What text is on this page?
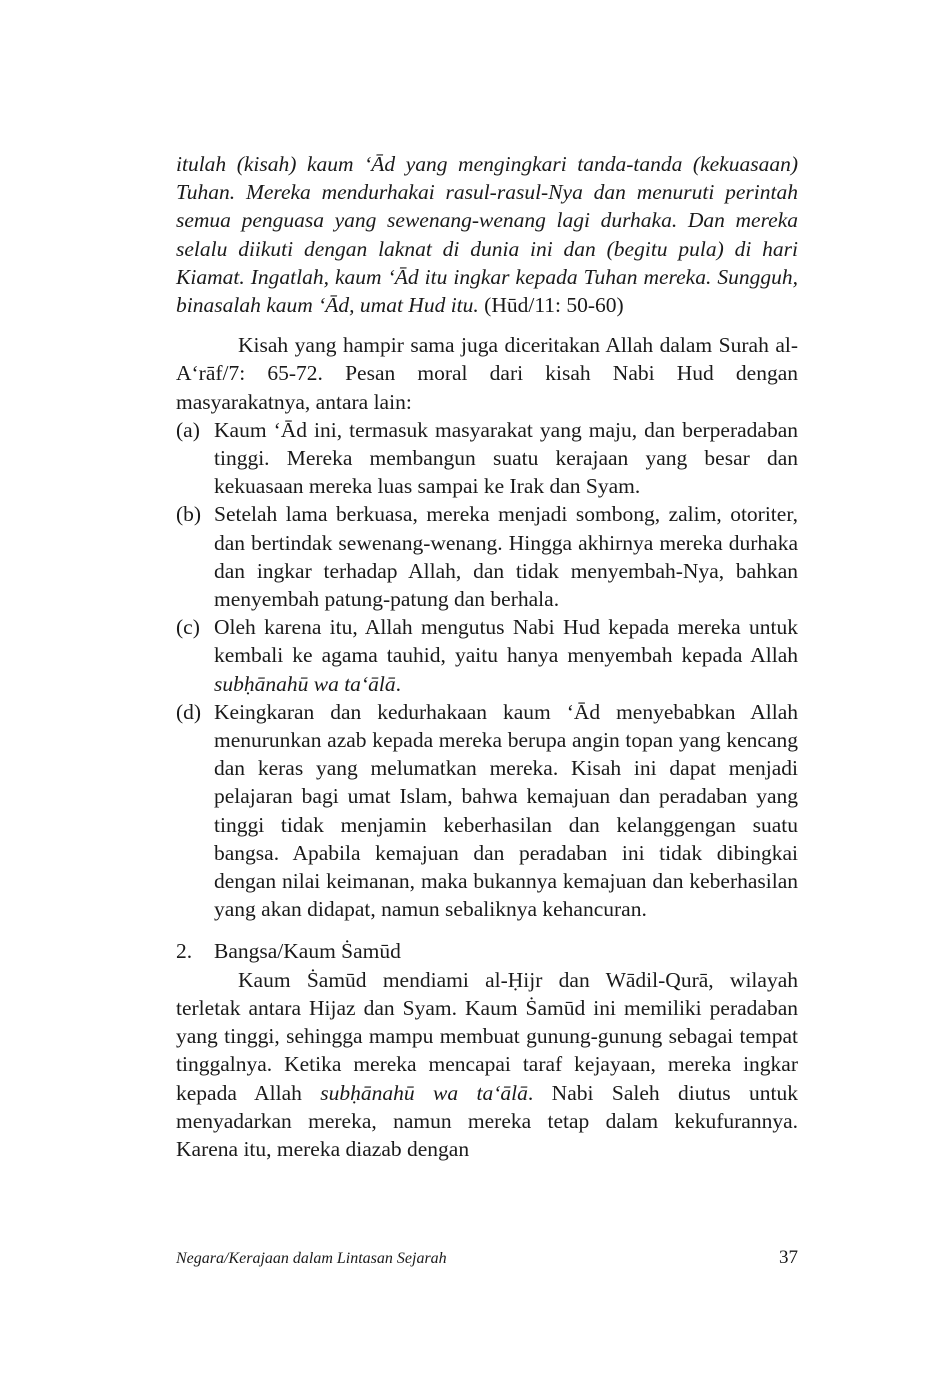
itulah (kisah) kaum ‘Ād yang mengingkari tanda-tanda (kekuasaan) Tuhan. Mereka mendurhakai rasul-rasul-Nya dan menuruti perintah semua penguasa yang sewenang-wenang lagi durhaka. Dan mereka selalu diikuti dengan laknat di dunia ini dan (begitu pula) di hari Kiamat. Ingatlah, kaum ‘Ād itu ingkar kepada Tuhan mereka. Sungguh, binasalah kaum ‘Ād, umat Hud itu. (Hūd/11: 50-60)

Kisah yang hampir sama juga diceritakan Allah dalam Surah al-A‘rāf/7: 65-72. Pesan moral dari kisah Nabi Hud dengan masyarakatnya, antara lain:

(a) Kaum ‘Ād ini, termasuk masyarakat yang maju, dan berperadaban tinggi. Mereka membangun suatu kerajaan yang besar dan kekuasaan mereka luas sampai ke Irak dan Syam.
(b) Setelah lama berkuasa, mereka menjadi sombong, zalim, otoriter, dan bertindak sewenang-wenang. Hingga akhirnya mereka durhaka dan ingkar terhadap Allah, dan tidak menyembah-Nya, bahkan menyembah patung-patung dan berhala.
(c) Oleh karena itu, Allah mengutus Nabi Hud kepada mereka untuk kembali ke agama tauhid, yaitu hanya menyembah kepada Allah subḥānahū wa ta‘ālā.
(d) Keingkaran dan kedurhakaan kaum ‘Ād menyebabkan Allah menurunkan azab kepada mereka berupa angin topan yang kencang dan keras yang melumatkan mereka. Kisah ini dapat menjadi pelajaran bagi umat Islam, bahwa kemajuan dan peradaban yang tinggi tidak menjamin keberhasilan dan kelanggengan suatu bangsa. Apabila kemajuan dan peradaban ini tidak dibingkai dengan nilai keimanan, maka bukannya kemajuan dan keberhasilan yang akan didapat, namun sebaliknya kehancuran.
2.	Bangsa/Kaum Ṡamūd

Kaum Ṡamūd mendiami al-Ḥijr dan Wādil-Qurā, wilayah terletak antara Hijaz dan Syam. Kaum Ṡamūd ini memiliki peradaban yang tinggi, sehingga mampu membuat gunung-gunung sebagai tempat tinggalnya. Ketika mereka mencapai taraf kejayaan, mereka ingkar kepada Allah subḥānahū wa ta‘ālā. Nabi Saleh diutus untuk menyadarkan mereka, namun mereka tetap dalam kekufurannya. Karena itu, mereka diazab dengan

Negara/Kerajaan dalam Lintasan Sejarah	37
